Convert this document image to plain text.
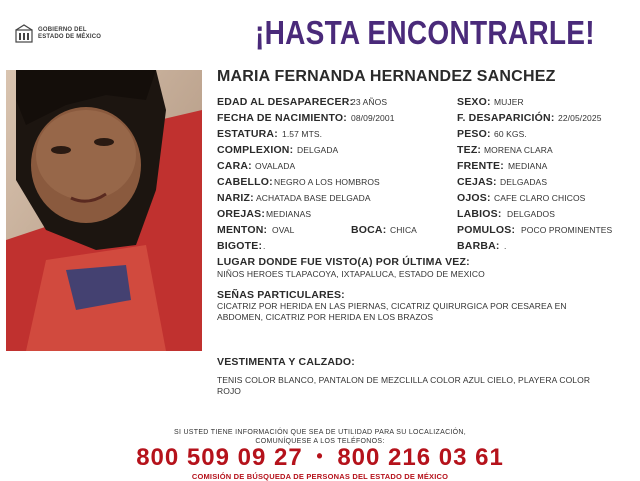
GOBIERNO DEL
ESTADO DE MÉXICO	¡HASTA ENCONTRARLE!
MARIA FERNANDA HERNANDEZ SANCHEZ
EDAD AL DESAPARECER:
23 AÑOS
FECHA DE NACIMIENTO: 08/09/2001
ESTATURA: 1.57 MTS.
COMPLEXION: DELGADA
CARA: OVALADA
CABELLO: NEGRO A LOS HOMBROS
NARIZ: ACHATADA BASE DELGADA
OREJAS: MEDIANAS
MENTON: OVAL	BOCA: CHICA
BIGOTE: .
SEXO: MUJER
F. DESAPARICIÓN: 22/05/2025
PESO: 60 KGS.
TEZ: MORENA CLARA
FRENTE: MEDIANA
CEJAS: DELGADAS
OJOS: CAFE CLARO CHICOS
LABIOS: DELGADOS
POMULOS: POCO PROMINENTES
BARBA: .
LUGAR DONDE FUE VISTO(A) POR ÚLTIMA VEZ:
NIÑOS HEROES TLAPACOYA, IXTAPALUCA, ESTADO DE MEXICO
SEÑAS PARTICULARES:
CICATRIZ POR HERIDA EN LAS PIERNAS, CICATRIZ QUIRURGICA POR CESAREA EN ABDOMEN, CICATRIZ POR HERIDA EN LOS BRAZOS
VESTIMENTA Y CALZADO:
TENIS COLOR BLANCO, PANTALON DE MEZCLILLA COLOR AZUL CIELO, PLAYERA COLOR ROJO
SI USTED TIENE INFORMACIÓN QUE SEA DE UTILIDAD PARA SU LOCALIZACIÓN,
COMUNÍQUESE A LOS TELÉFONOS:
800 509 09 27 • 800 216 03 61
COMISIÓN DE BÚSQUEDA DE PERSONAS DEL ESTADO DE MÉXICO
